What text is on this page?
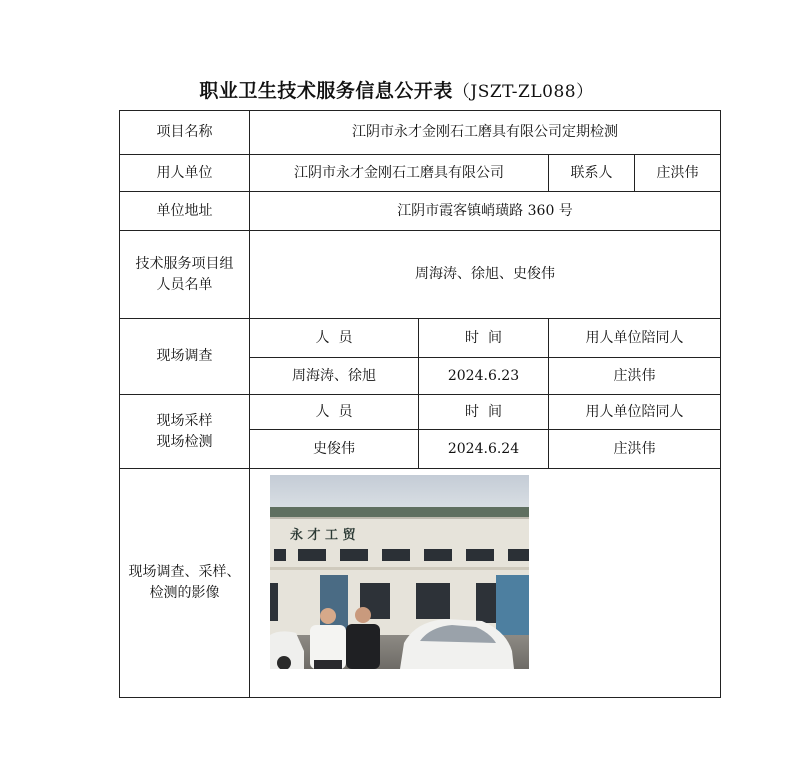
职业卫生技术服务信息公开表（JSZT-ZL088）
项目名称	江阴市永才金刚石工磨具有限公司定期检测			
用人单位	江阴市永才金刚石工磨具有限公司		联系人	庄洪伟
单位地址	江阴市霞客镇峭璜路 360 号			
技术服务项目组
人员名单	周海涛、徐旭、史俊伟			
现场调查	人  员	时  间	用人单位陪同人	
	周海涛、徐旭	2024.6.23	庄洪伟	
现场采样
现场检测	人  员	时  间	用人单位陪同人	
	史俊伟	2024.6.24	庄洪伟	
现场调查、采样、
检测的影像	永 才 工 贸			
